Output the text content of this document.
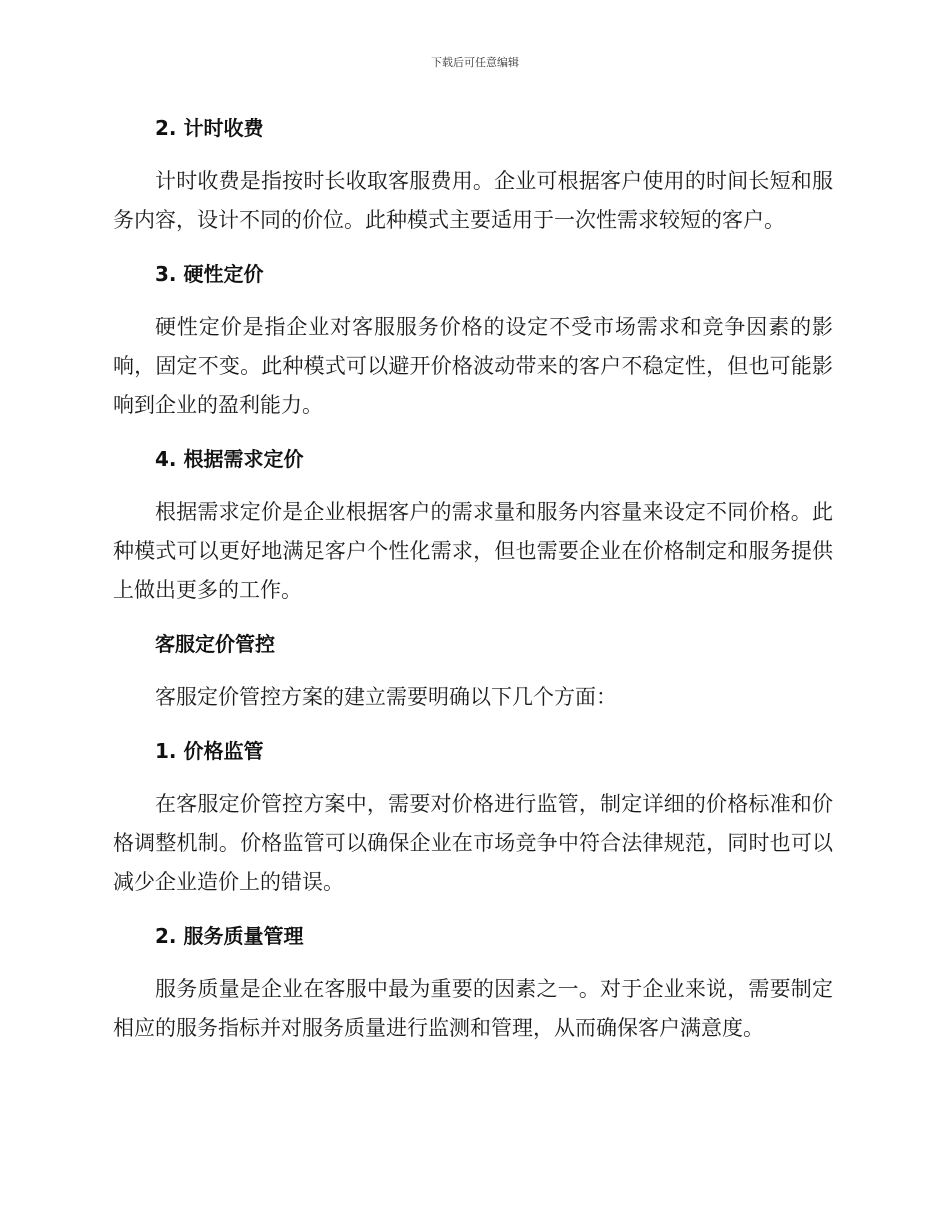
下载后可任意编辑
2. 计时收费

计时收费是指按时长收取客服费用。企业可根据客户使用的时间长短和服务内容，设计不同的价位。此种模式主要适用于一次性需求较短的客户。

3. 硬性定价

硬性定价是指企业对客服服务价格的设定不受市场需求和竞争因素的影响，固定不变。此种模式可以避开价格波动带来的客户不稳定性，但也可能影响到企业的盈利能力。

4. 根据需求定价

根据需求定价是企业根据客户的需求量和服务内容量来设定不同价格。此种模式可以更好地满足客户个性化需求，但也需要企业在价格制定和服务提供上做出更多的工作。

客服定价管控

客服定价管控方案的建立需要明确以下几个方面：

1. 价格监管

在客服定价管控方案中，需要对价格进行监管，制定详细的价格标准和价格调整机制。价格监管可以确保企业在市场竞争中符合法律规范，同时也可以减少企业造价上的错误。

2. 服务质量管理

服务质量是企业在客服中最为重要的因素之一。对于企业来说，需要制定相应的服务指标并对服务质量进行监测和管理，从而确保客户满意度。
